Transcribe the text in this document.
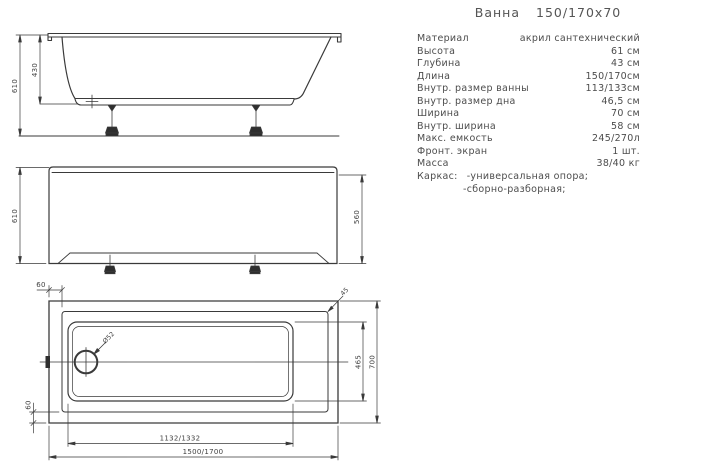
610
430
610	560
60
60
45
Ø52
465 700
1132/1332
1500/1700
Ванна 150/170x70
Материал	акрил сантехнический
Высота	61 см
Глубина	43 см
Длина	150/170см
Внутр. размер ванны	113/133см
Внутр. размер дна	46,5 см
Ширина	70 см
Внутр. ширина	58 см
Макс. емкость	245/270л
Фронт. экран	1 шт.
Масса	38/40 кг
Каркас: -универсальная опора;
-сборно-разборная;
